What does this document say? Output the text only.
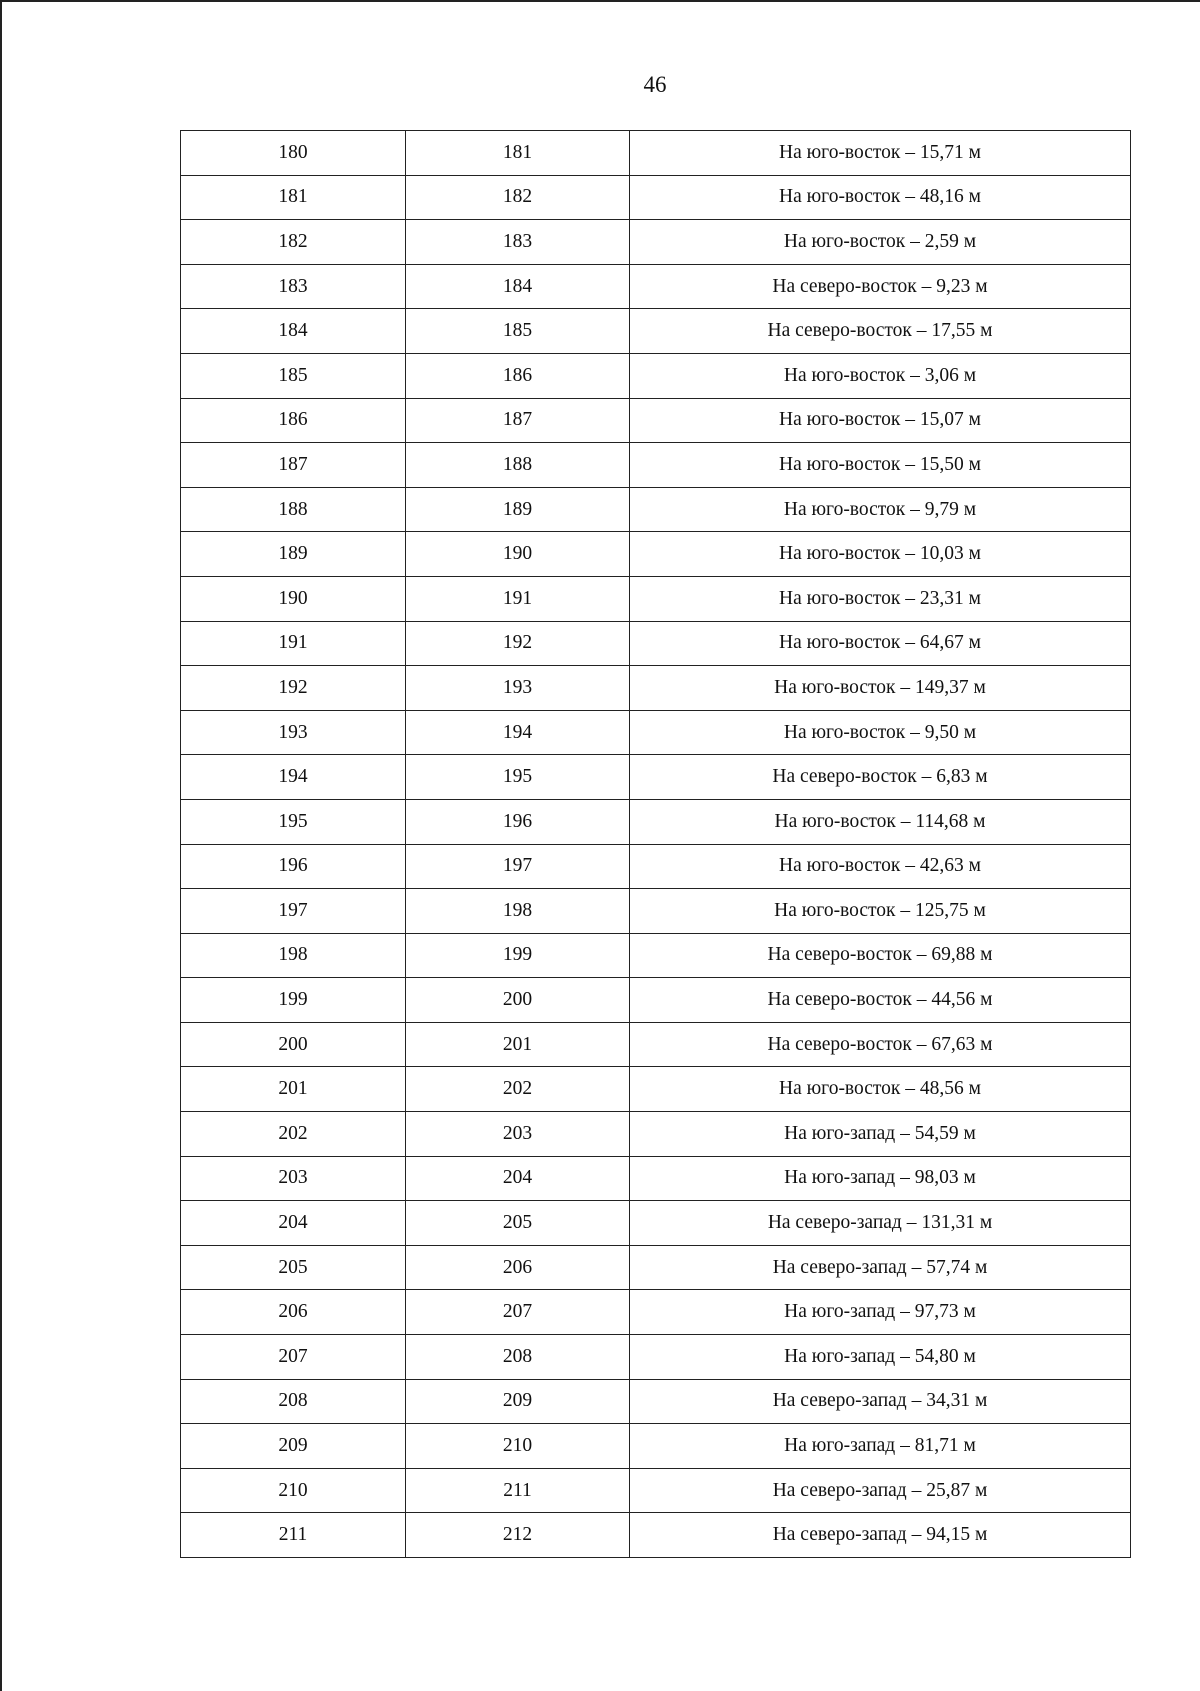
46
180	181	На юго-восток – 15,71 м
181	182	На юго-восток – 48,16 м
182	183	На юго-восток – 2,59 м
183	184	На северо-восток – 9,23 м
184	185	На северо-восток – 17,55 м
185	186	На юго-восток – 3,06 м
186	187	На юго-восток – 15,07 м
187	188	На юго-восток – 15,50 м
188	189	На юго-восток – 9,79 м
189	190	На юго-восток – 10,03 м
190	191	На юго-восток – 23,31 м
191	192	На юго-восток – 64,67 м
192	193	На юго-восток – 149,37 м
193	194	На юго-восток – 9,50 м
194	195	На северо-восток – 6,83 м
195	196	На юго-восток – 114,68 м
196	197	На юго-восток – 42,63 м
197	198	На юго-восток – 125,75 м
198	199	На северо-восток – 69,88 м
199	200	На северо-восток – 44,56 м
200	201	На северо-восток – 67,63 м
201	202	На юго-восток – 48,56 м
202	203	На юго-запад – 54,59 м
203	204	На юго-запад – 98,03 м
204	205	На северо-запад – 131,31 м
205	206	На северо-запад – 57,74 м
206	207	На юго-запад – 97,73 м
207	208	На юго-запад – 54,80 м
208	209	На северо-запад – 34,31 м
209	210	На юго-запад – 81,71 м
210	211	На северо-запад – 25,87 м
211	212	На северо-запад – 94,15 м
